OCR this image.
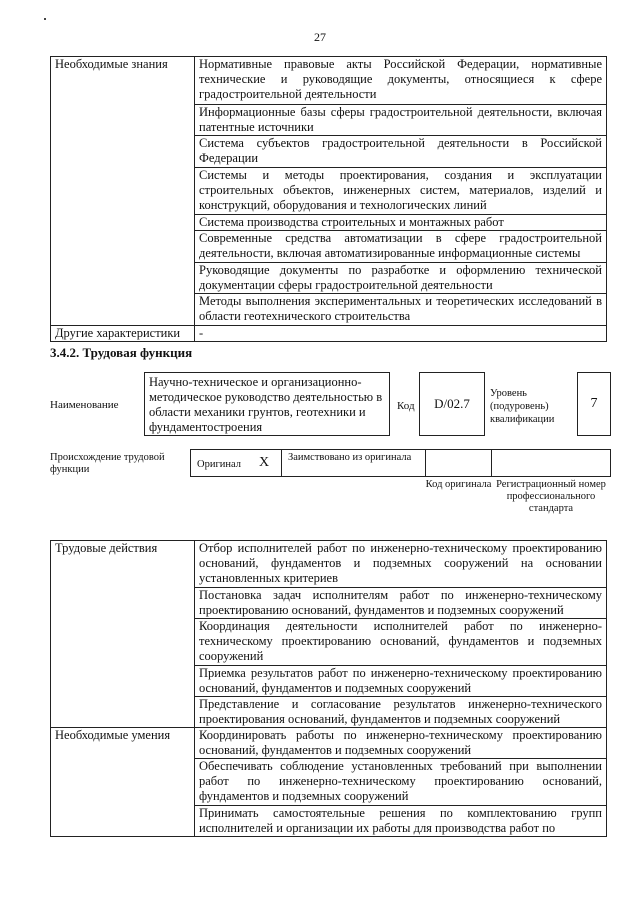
27
Необходимые знания	Нормативные правовые акты Российской Федерации, нормативные технические и руководящие документы, относящиеся к сфере градостроительной деятельности
	Информационные базы сферы градостроительной деятельности, включая патентные источники
	Система субъектов градостроительной деятельности в Российской Федерации
	Системы и методы проектирования, создания и эксплуатации строительных объектов, инженерных систем, материалов, изделий и конструкций, оборудования и технологических линий
	Система производства строительных и монтажных работ
	Современные средства автоматизации в сфере градостроительной деятельности, включая автоматизированные информационные системы
	Руководящие документы по разработке и оформлению технической документации сферы градостроительной деятельности
	Методы выполнения экспериментальных и теоретических исследований в области геотехнического строительства
Другие характеристики	-
3.4.2. Трудовая функция
Наименование
Научно-техническое и организационно-методическое руководство деятельностью в области механики грунтов, геотехники и фундаментостроения
Код	D/02.7
Уровень (подуровень) квалификации
7
Происхождение трудовой функции	Оригинал X Заимствовано из оригинала
Код оригинала Регистрационный номер профессионального стандарта
Трудовые действия	Отбор исполнителей работ по инженерно-техническому проектированию оснований, фундаментов и подземных сооружений на основании установленных критериев
	Постановка задач исполнителям работ по инженерно-техническому проектированию оснований, фундаментов и подземных сооружений
	Координация деятельности исполнителей работ по инженерно-техническому проектированию оснований, фундаментов и подземных сооружений
	Приемка результатов работ по инженерно-техническому проектированию оснований, фундаментов и подземных сооружений
	Представление и согласование результатов инженерно-технического проектирования оснований, фундаментов и подземных сооружений
Необходимые умения	Координировать работы по инженерно-техническому проектированию оснований, фундаментов и подземных сооружений
	Обеспечивать соблюдение установленных требований при выполнении работ по инженерно-техническому проектированию оснований, фундаментов и подземных сооружений
	Принимать самостоятельные решения по комплектованию групп исполнителей и организации их работы для производства работ по
